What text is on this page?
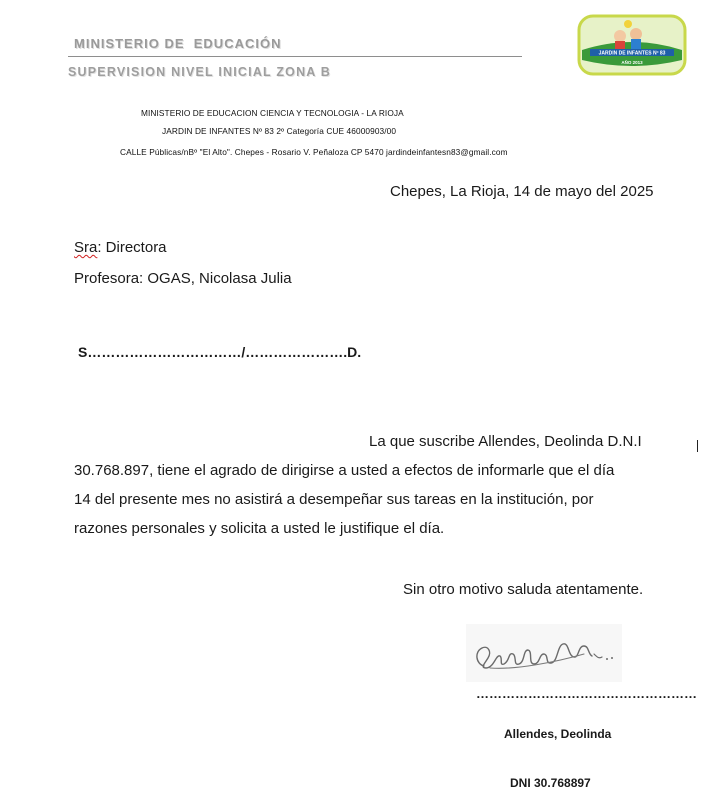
MINISTERIO DE EDUCACIÓN
SUPERVISION NIVEL INICIAL ZONA B
JARDIN DE INFANTES Nº 83
AÑO 2013
MINISTERIO DE EDUCACION CIENCIA Y TECNOLOGIA - LA RIOJA
JARDIN DE INFANTES Nº 83 2º Categoría CUE 46000903/00
CALLE Públicas/nBº "El Alto". Chepes - Rosario V. Peñaloza CP 5470 jardindeinfantesn83@gmail.com
Chepes, La Rioja, 14 de mayo del 2025
Sra: Directora
Profesora: OGAS, Nicolasa Julia
S……………………………/………………….D.
La que suscribe Allendes, Deolinda D.N.I
30.768.897, tiene el agrado de dirigirse a usted a efectos de informarle que el día
14 del presente mes no asistirá a desempeñar sus tareas en la institución, por
razones personales y solicita a usted le justifique el día.
Sin otro motivo saluda atentamente.
……………………………………………
Allendes, Deolinda
DNI 30.768897
